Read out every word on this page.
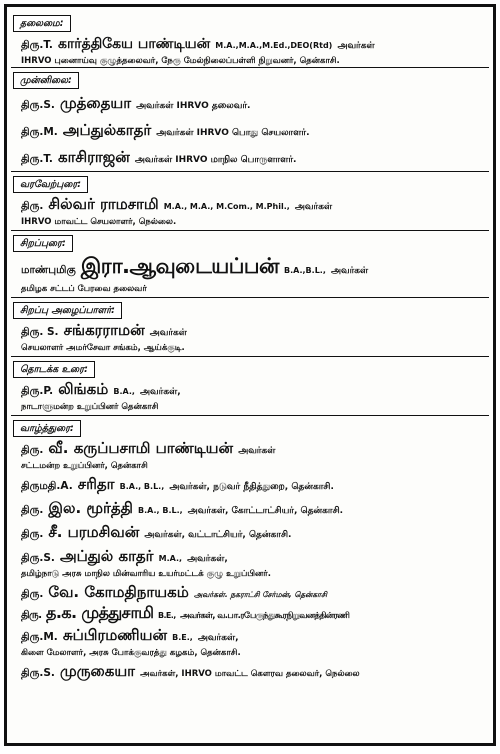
தலைமை:
திரு.T. கார்த்திகேய பாண்டியன் M.A.,M.A.,M.Ed.,DEO(Rtd) அவர்கள்
IHRVO புனைாய்வு குழுத்தலைவர், நேரு மேல்நிலைப்பள்ளி நிறுவனர், தென்காசி.
முன்னிலை:
திரு.S. முத்தையா அவர்கள் IHRVO தலைவர்.
திரு.M. அப்துல்காதர் அவர்கள் IHRVO பொது செயலாளர்.
திரு.T. காசிராஜன் அவர்கள் IHRVO மாநில பொருளாளர்.
வரவேற்புரை:
திரு. சில்வர் ராமசாமி M.A., M.A., M.Com., M.Phil., அவர்கள்
IHRVO மாவட்ட செயலாளர், நெல்லை.
சிறப்புரை:
மாண்புமிகு இரா.ஆவுடையப்பன் B.A.,B.L., அவர்கள்
தமிழக சட்டப் பேரவை தலைவர்
சிறப்பு அழைப்பாளர்:
திரு. S. சங்கரராமன் அவர்கள்
செயலாளர் அமர்சேவா சங்கம், ஆய்க்குடி.
தொடக்க உரை:
திரு.P. லிங்கம் B.A., அவர்கள்,
நாடாளுமன்ற உறுப்பினர் தென்காசி
வாழ்த்துரை:
திரு. வீ. கருப்பசாமி பாண்டியன் அவர்கள்
சட்டமன்ற உறுப்பினர், தென்காசி
திருமதி.A. சரிதா B.A., B.L., அவர்கள், நடுவர் நீதித்துறை, தென்காசி.
திரு. இல. மூர்த்தி B.A., B.L., அவர்கள், கோட்டாட்சியர், தென்காசி.
திரு. சீ. பரமசிவன் அவர்கள், வட்டாட்சியர், தென்காசி.
திரு.S. அப்துல் காதர் M.A., அவர்கள்,
தமிழ்நாடு அரசு மாநில மின்வாரிய உயர்மட்டக் குழு உறுப்பினர்.
திரு. வே. கோமதிநாயகம் அவர்கள். நகராட்சி சேர்மன், தென்காசி
திரு. த.க. முத்துசாமி B.E., அவர்கள், வ.பா.ரபேருந்துகூரநிறுவனத்தின்ரணி
திரு.M. சுப்பிரமணியன் B.E., அவர்கள்,
கிளை மேலாளர், அரசு போக்குவரத்து கழகம், தென்காசி.
திரு.S. முருகையா அவர்கள், IHRVO மாவட்ட கௌரவ தலைவர், நெல்லை
